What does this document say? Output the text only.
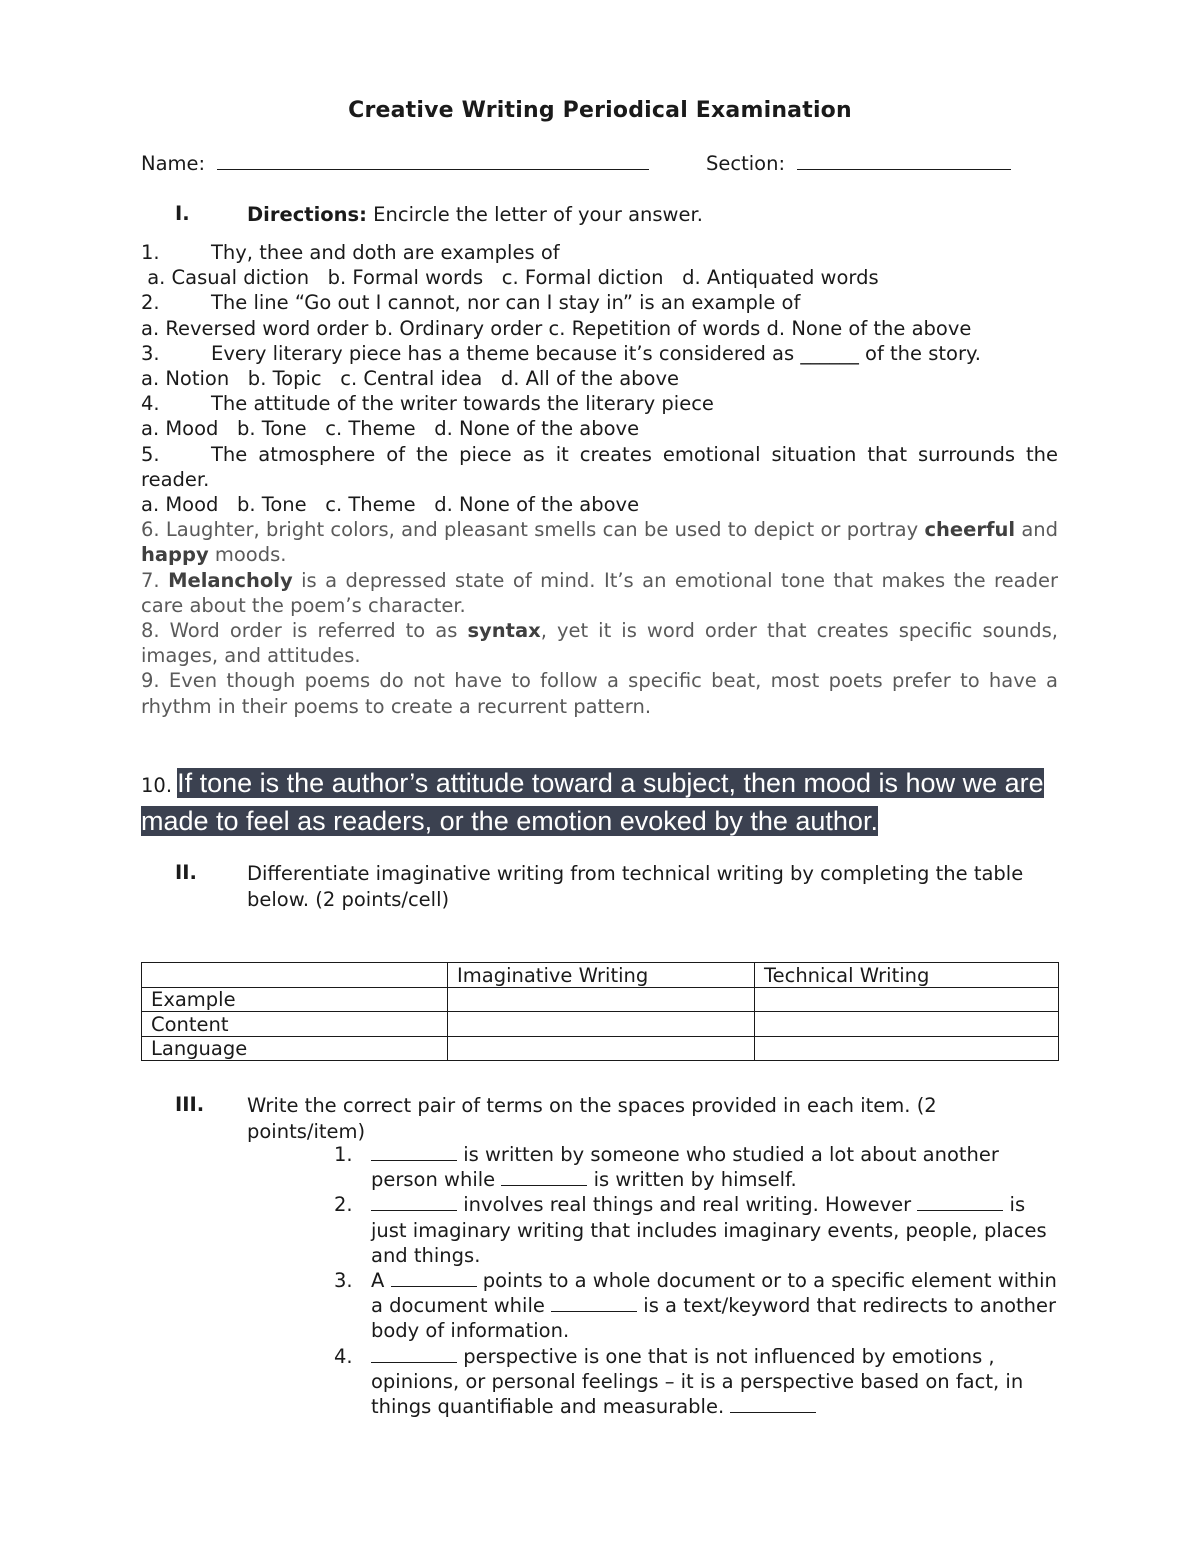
Creative Writing Periodical Examination
Name:	Section:
I.	Directions: Encircle the letter of your answer.
1.	Thy, thee and doth are examples of
a. Casual diction   b. Formal words   c. Formal diction   d. Antiquated words
2.	The line “Go out I cannot, nor can I stay in” is an example of
a. Reversed word order b. Ordinary order c. Repetition of words d. None of the above
3.	Every literary piece has a theme because it’s considered as ______ of the story.
a. Notion   b. Topic   c. Central idea   d. All of the above
4.	The attitude of the writer towards the literary piece
a. Mood   b. Tone   c. Theme   d. None of the above
5.	The atmosphere of the piece as it creates emotional situation that surrounds the reader.
a. Mood   b. Tone   c. Theme   d. None of the above
6. Laughter, bright colors, and pleasant smells can be used to depict or portray cheerful and happy moods.
7. Melancholy is a depressed state of mind. It’s an emotional tone that makes the reader care about the poem’s character.
8. Word order is referred to as syntax, yet it is word order that creates specific sounds, images, and attitudes.
9. Even though poems do not have to follow a specific beat, most poets prefer to have a rhythm in their poems to create a recurrent pattern.
10. If tone is the author’s attitude toward a subject, then mood is how we are made to feel as readers, or the emotion evoked by the author.
II.	Differentiate imaginative writing from technical writing by completing the table below. (2 points/cell)
	Imaginative Writing	Technical Writing
Example		
Content		
Language		
III. Write the correct pair of terms on the spaces provided in each item. (2 points/item)
1.	is written by someone who studied a lot about another person while	is written by himself.
2.	involves real things and real writing. However	is just imaginary writing that includes imaginary events, people, places and things.
3. A	points to a whole document or to a specific element within a document while	is a text/keyword that redirects to another body of information.
4.	perspective is one that is not influenced by emotions , opinions, or personal feelings – it is a perspective based on fact, in things quantifiable and measurable.
